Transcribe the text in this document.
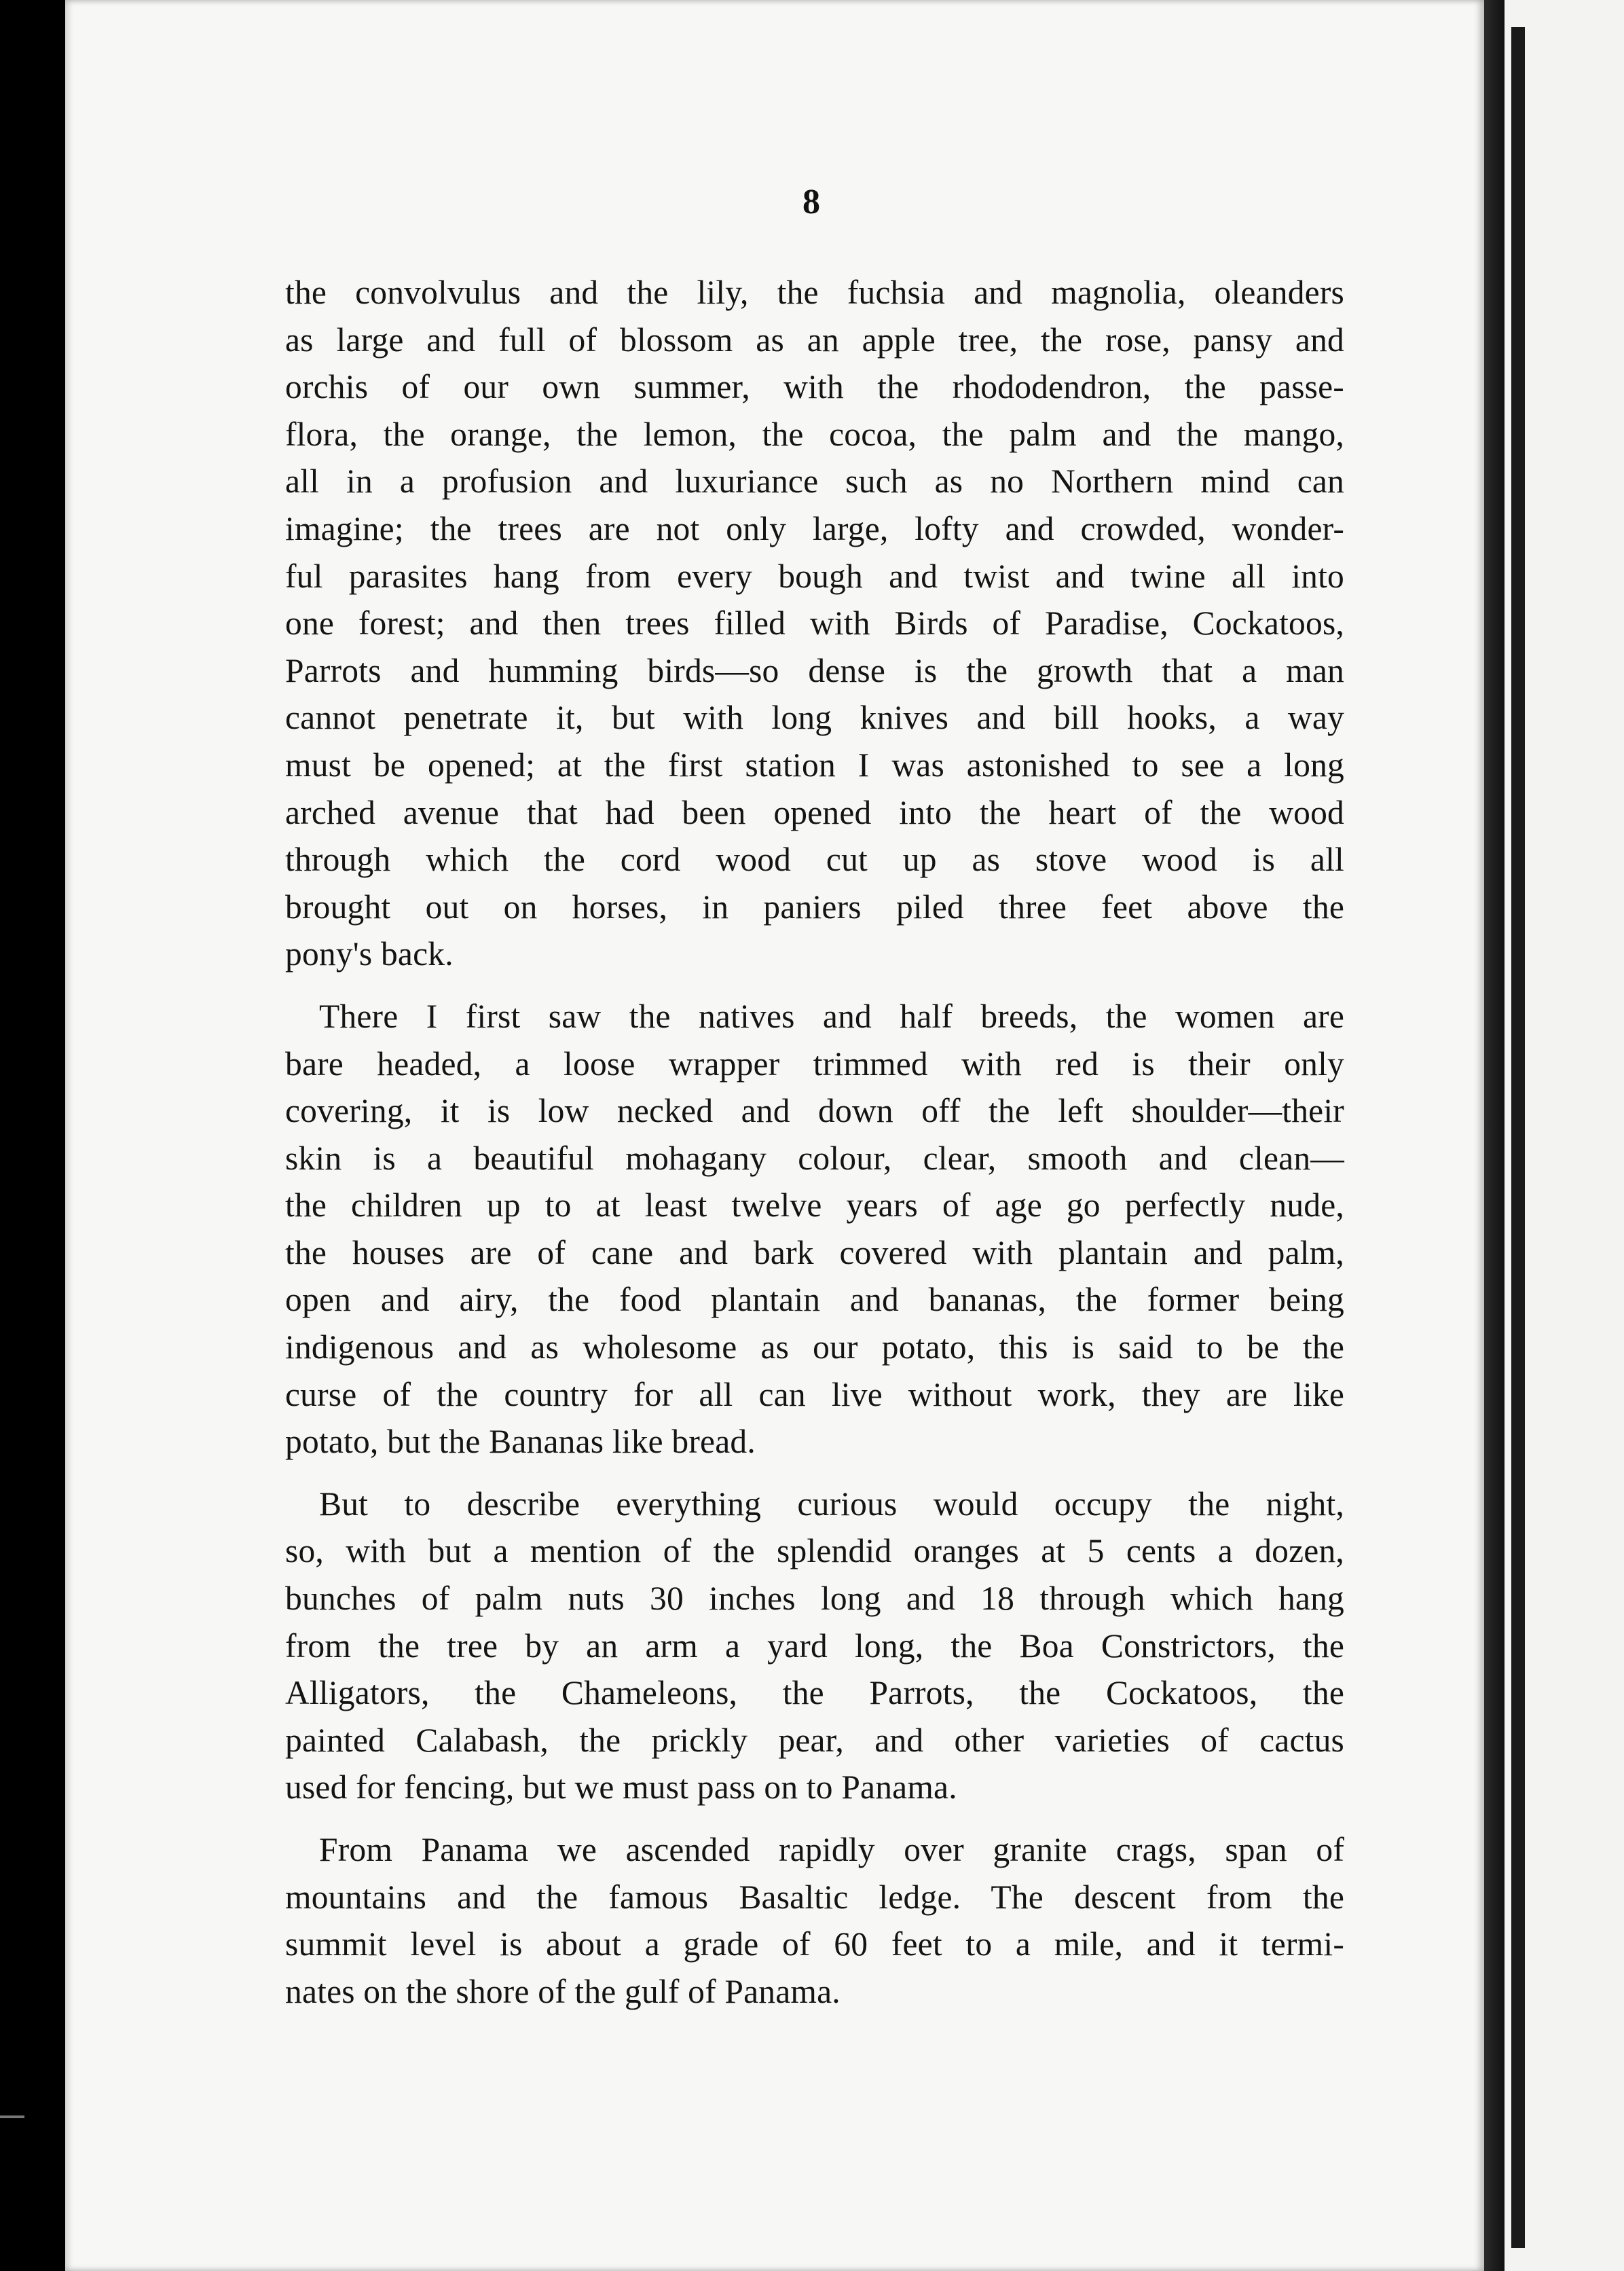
8
the convolvulus and the lily, the fuchsia and magnolia, oleanders
as large and full of blossom as an apple tree, the rose, pansy and
orchis of our own summer, with the rhododendron, the passe-
flora, the orange, the lemon, the cocoa, the palm and the mango,
all in a profusion and luxuriance such as no Northern mind can
imagine; the trees are not only large, lofty and crowded, wonder-
ful parasites hang from every bough and twist and twine all into
one forest; and then trees filled with Birds of Paradise, Cockatoos,
Parrots and humming birds—so dense is the growth that a man
cannot penetrate it, but with long knives and bill hooks, a way
must be opened; at the first station I was astonished to see a long
arched avenue that had been opened into the heart of the wood
through which the cord wood cut up as stove wood is all
brought out on horses, in paniers piled three feet above the
pony's back.
There I first saw the natives and half breeds, the women are
bare headed, a loose wrapper trimmed with red is their only
covering, it is low necked and down off the left shoulder—their
skin is a beautiful mohagany colour, clear, smooth and clean—
the children up to at least twelve years of age go perfectly nude,
the houses are of cane and bark covered with plantain and palm,
open and airy, the food plantain and bananas, the former being
indigenous and as wholesome as our potato, this is said to be the
curse of the country for all can live without work, they are like
potato, but the Bananas like bread.
But to describe everything curious would occupy the night,
so, with but a mention of the splendid oranges at 5 cents a dozen,
bunches of palm nuts 30 inches long and 18 through which hang
from the tree by an arm a yard long, the Boa Constrictors, the
Alligators, the Chameleons, the Parrots, the Cockatoos, the
painted Calabash, the prickly pear, and other varieties of cactus
used for fencing, but we must pass on to Panama.
From Panama we ascended rapidly over granite crags, span of
mountains and the famous Basaltic ledge. The descent from the
summit level is about a grade of 60 feet to a mile, and it termi-
nates on the shore of the gulf of Panama.
